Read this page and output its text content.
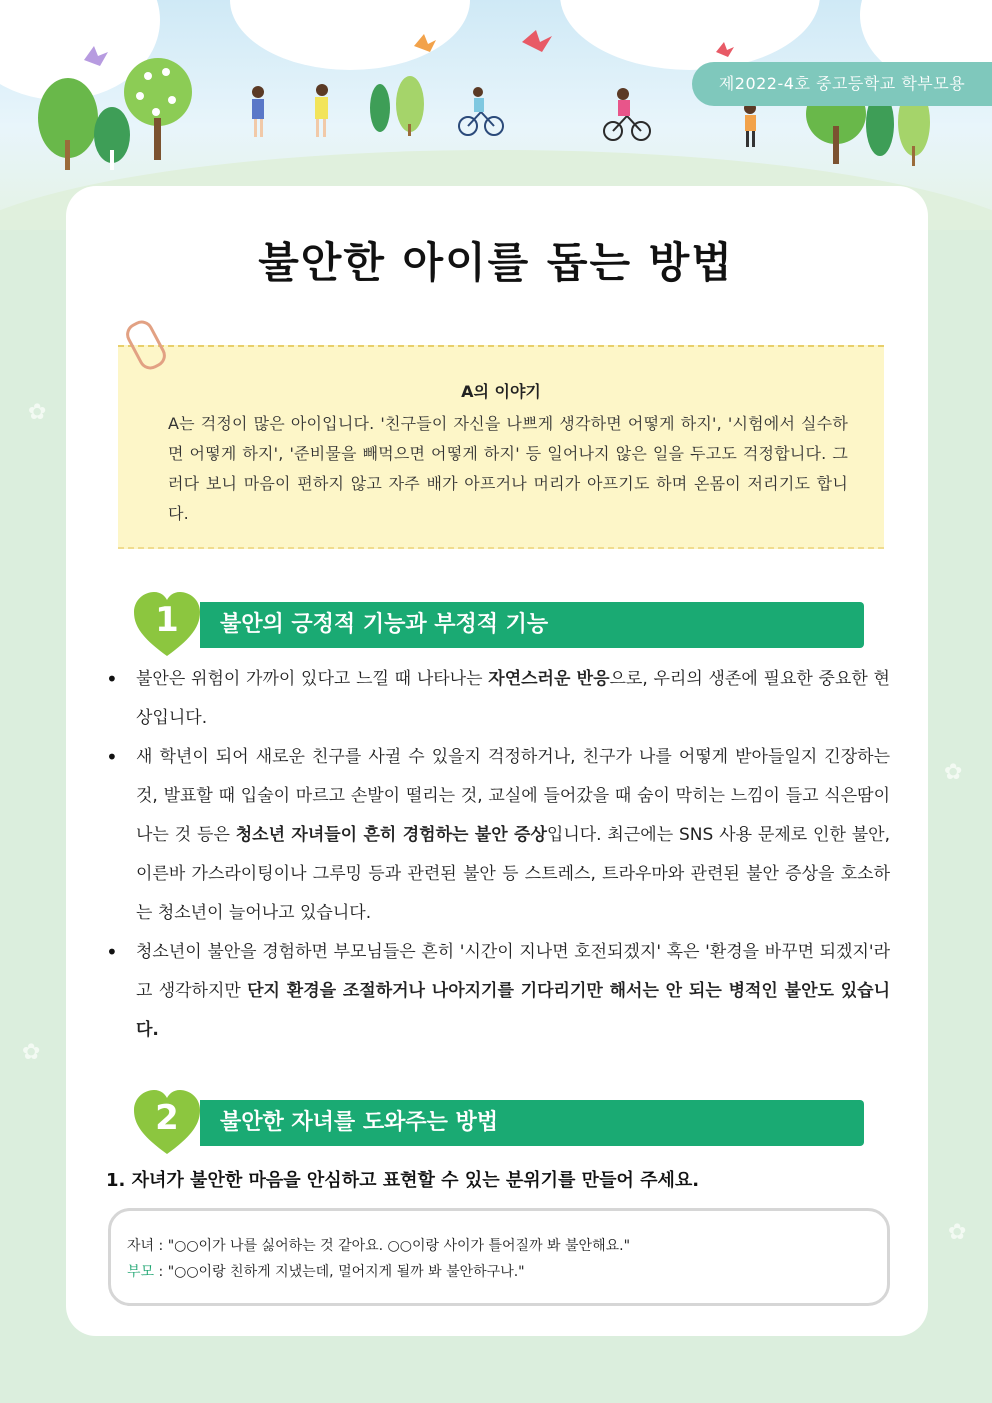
제2022-4호 중고등학교 학부모용
✿
✿
✿
✿
불안한 아이를 돕는 방법
A의 이야기
A는 걱정이 많은 아이입니다. '친구들이 자신을 나쁘게 생각하면 어떻게 하지', '시험에서 실수하면 어떻게 하지', '준비물을 빼먹으면 어떻게 하지' 등 일어나지 않은 일을 두고도 걱정합니다. 그러다 보니 마음이 편하지 않고 자주 배가 아프거나 머리가 아프기도 하며 온몸이 저리기도 합니다.
1	불안의 긍정적 기능과 부정적 기능
• 불안은 위험이 가까이 있다고 느낄 때 나타나는 자연스러운 반응으로, 우리의 생존에 필요한 중요한 현상입니다.
• 새 학년이 되어 새로운 친구를 사귈 수 있을지 걱정하거나, 친구가 나를 어떻게 받아들일지 긴장하는 것, 발표할 때 입술이 마르고 손발이 떨리는 것, 교실에 들어갔을 때 숨이 막히는 느낌이 들고 식은땀이 나는 것 등은 청소년 자녀들이 흔히 경험하는 불안 증상입니다. 최근에는 SNS 사용 문제로 인한 불안, 이른바 가스라이팅이나 그루밍 등과 관련된 불안 등 스트레스, 트라우마와 관련된 불안 증상을 호소하는 청소년이 늘어나고 있습니다.
• 청소년이 불안을 경험하면 부모님들은 흔히 '시간이 지나면 호전되겠지' 혹은 '환경을 바꾸면 되겠지'라고 생각하지만 단지 환경을 조절하거나 나아지기를 기다리기만 해서는 안 되는 병적인 불안도 있습니다.
2	불안한 자녀를 도와주는 방법
1. 자녀가 불안한 마음을 안심하고 표현할 수 있는 분위기를 만들어 주세요.
자녀 : "○○이가 나를 싫어하는 것 같아요. ○○이랑 사이가 틀어질까 봐 불안해요."
부모 : "○○이랑 친하게 지냈는데, 멀어지게 될까 봐 불안하구나."
